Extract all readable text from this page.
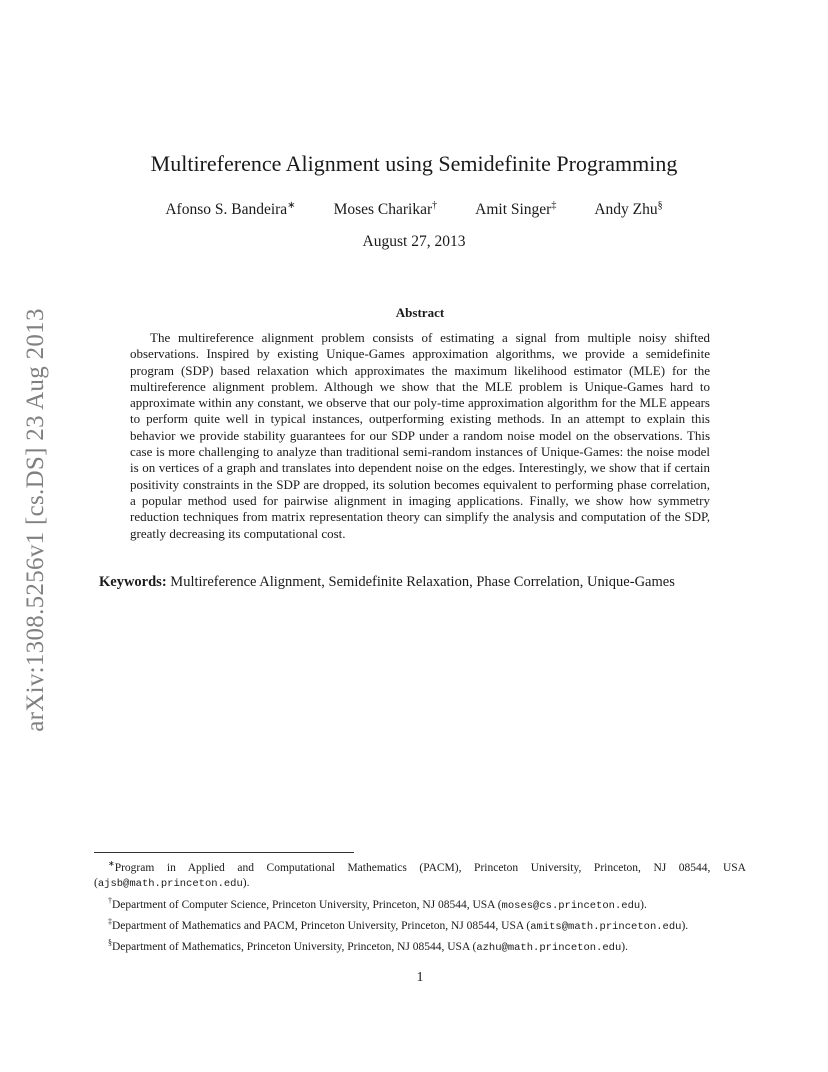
arXiv:1308.5256v1 [cs.DS] 23 Aug 2013
Multireference Alignment using Semidefinite Programming
Afonso S. Bandeira∗ Moses Charikar† Amit Singer‡ Andy Zhu§
August 27, 2013
Abstract

The multireference alignment problem consists of estimating a signal from multiple noisy shifted observations. Inspired by existing Unique-Games approximation algorithms, we provide a semidefinite program (SDP) based relaxation which approximates the maximum likelihood estimator (MLE) for the multireference alignment problem. Although we show that the MLE problem is Unique-Games hard to approximate within any constant, we observe that our poly-time approximation algorithm for the MLE appears to perform quite well in typical instances, outperforming existing methods. In an attempt to explain this behavior we provide stability guarantees for our SDP under a random noise model on the observations. This case is more challenging to analyze than traditional semi-random instances of Unique-Games: the noise model is on vertices of a graph and translates into dependent noise on the edges. Interestingly, we show that if certain positivity constraints in the SDP are dropped, its solution becomes equivalent to performing phase correlation, a popular method used for pairwise alignment in imaging applications. Finally, we show how symmetry reduction techniques from matrix representation theory can simplify the analysis and computation of the SDP, greatly decreasing its computational cost.

Keywords: Multireference Alignment, Semidefinite Relaxation, Phase Correlation, Unique-Games

∗Program in Applied and Computational Mathematics (PACM), Princeton University, Princeton, NJ 08544, USA (ajsb@math.princeton.edu).

†Department of Computer Science, Princeton University, Princeton, NJ 08544, USA (moses@cs.princeton.edu).

‡Department of Mathematics and PACM, Princeton University, Princeton, NJ 08544, USA (amits@math.princeton.edu).

§Department of Mathematics, Princeton University, Princeton, NJ 08544, USA (azhu@math.princeton.edu).

1
